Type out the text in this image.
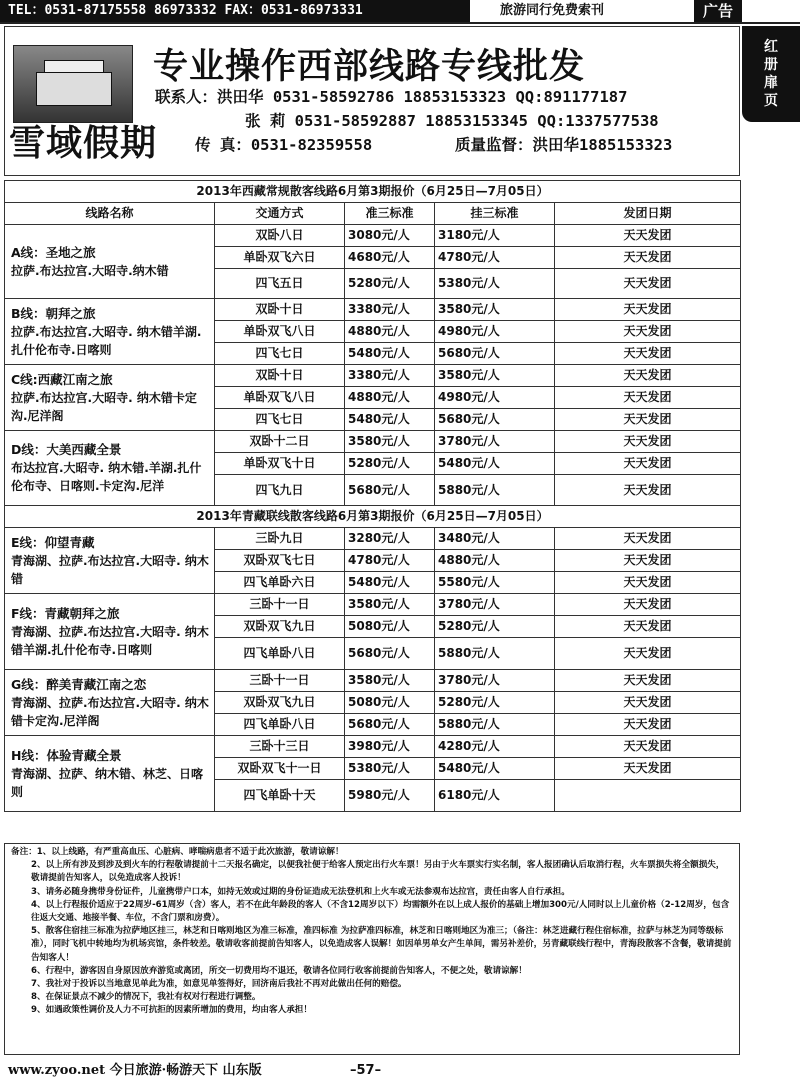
TEL：0531-87175558 86973332 FAX：0531-86973331	旅游同行免费索刊	广告
红
册
扉
页
雪域假期
专业操作西部线路专线批发
联系人：洪田华 0531-58592786 18853153323 QQ:891177187
张 莉 0531-58592887 18853153345 QQ:1337577538
传 真：0531-82359558	质量监督：洪田华1885153323
2013年西藏常规散客线路6月第3期报价（6月25日—7月05日）				
线路名称	交通方式	准三标准	挂三标准	发团日期

A线：圣地之旅
拉萨.布达拉宫.大昭寺.纳木错	双卧八日	3080元/人	3180元/人	天天发团
	单卧双飞六日	4680元/人	4780元/人	天天发团
	四飞五日	5280元/人	5380元/人	天天发团

B线：朝拜之旅
拉萨.布达拉宫.大昭寺. 纳木错羊湖.扎什伦布寺.日喀则	双卧十日	3380元/人	3580元/人	天天发团
	单卧双飞八日	4880元/人	4980元/人	天天发团
	四飞七日	5480元/人	5680元/人	天天发团

C线:西藏江南之旅
拉萨.布达拉宫.大昭寺. 纳木错卡定沟.尼洋阁	双卧十日	3380元/人	3580元/人	天天发团
	单卧双飞八日	4880元/人	4980元/人	天天发团
	四飞七日	5480元/人	5680元/人	天天发团

D线：大美西藏全景
布达拉宫.大昭寺. 纳木错.羊湖.扎什伦布寺、日喀则.卡定沟.尼洋	双卧十二日	3580元/人	3780元/人	天天发团
	单卧双飞十日	5280元/人	5480元/人	天天发团
	四飞九日	5680元/人	5880元/人	天天发团
2013年青藏联线散客线路6月第3期报价（6月25日—7月05日）				

E线：仰望青藏
青海湖、拉萨.布达拉宫.大昭寺. 纳木错	三卧九日	3280元/人	3480元/人	天天发团
	双卧双飞七日	4780元/人	4880元/人	天天发团
	四飞单卧六日	5480元/人	5580元/人	天天发团

F线：青藏朝拜之旅
青海湖、拉萨.布达拉宫.大昭寺. 纳木错羊湖.扎什伦布寺.日喀则	三卧十一日	3580元/人	3780元/人	天天发团
	双卧双飞九日	5080元/人	5280元/人	天天发团
	四飞单卧八日	5680元/人	5880元/人	天天发团

G线：醉美青藏江南之恋
青海湖、拉萨.布达拉宫.大昭寺. 纳木错卡定沟.尼洋阁	三卧十一日	3580元/人	3780元/人	天天发团
	双卧双飞九日	5080元/人	5280元/人	天天发团
	四飞单卧八日	5680元/人	5880元/人	天天发团

H线：体验青藏全景
青海湖、拉萨、纳木错、林芝、日喀则	三卧十三日	3980元/人	4280元/人	天天发团
	双卧双飞十一日	5380元/人	5480元/人	天天发团
	四飞单卧十天	5980元/人	6180元/人	

备注：1、以上线路，有严重高血压、心脏病、哮喘病患者不适于此次旅游，敬请谅解！

2、以上所有涉及到涉及到火车的行程敬请提前十二天报名确定，以便我社便于给客人预定出行火车票！另由于火车票实行实名制，客人报团确认后取消行程，火车票损失将全额损失，敬请提前告知客人，以免造成客人投诉！

3、请务必随身携带身份证件，儿童携带户口本，如持无效或过期的身份证造成无法登机和上火车或无法参观布达拉宫，责任由客人自行承担。

4、以上行程报价适应于22周岁-61周岁（含）客人，若不在此年龄段的客人（不含12周岁以下）均需额外在以上成人报价的基础上增加300元/人同时以上儿童价格（2-12周岁，包含往返大交通、地接半餐、车位，不含门票和房费）。

5、散客住宿挂三标准为拉萨地区挂三，林芝和日喀则地区为准三标准，准四标准 为拉萨准四标准，林芝和日喀则地区为准三；（备注：林芝进藏行程住宿标准，拉萨与林芝为同等级标准），同时飞机中转地均为机场宾馆，条件较差。敬请收客前提前告知客人，以免造成客人误解！如因单男单女产生单间，需另补差价，另青藏联线行程中，青海段散客不含餐，敬请提前告知客人！

6、行程中，游客因自身原因放弃游览或离团，所交一切费用均不退还，敬请各位同行收客前提前告知客人，不便之处，敬请谅解！

7、我社对于投诉以当地意见单此为准，如意见单签得好，回济南后我社不再对此做出任何的赔偿。

8、在保证景点不减少的情况下，我社有权对行程进行调整。

9、如遇政策性调价及人力不可抗拒的因素所增加的费用，均由客人承担！

www.zyoo.net 今日旅游·畅游天下 山东版	–57–
